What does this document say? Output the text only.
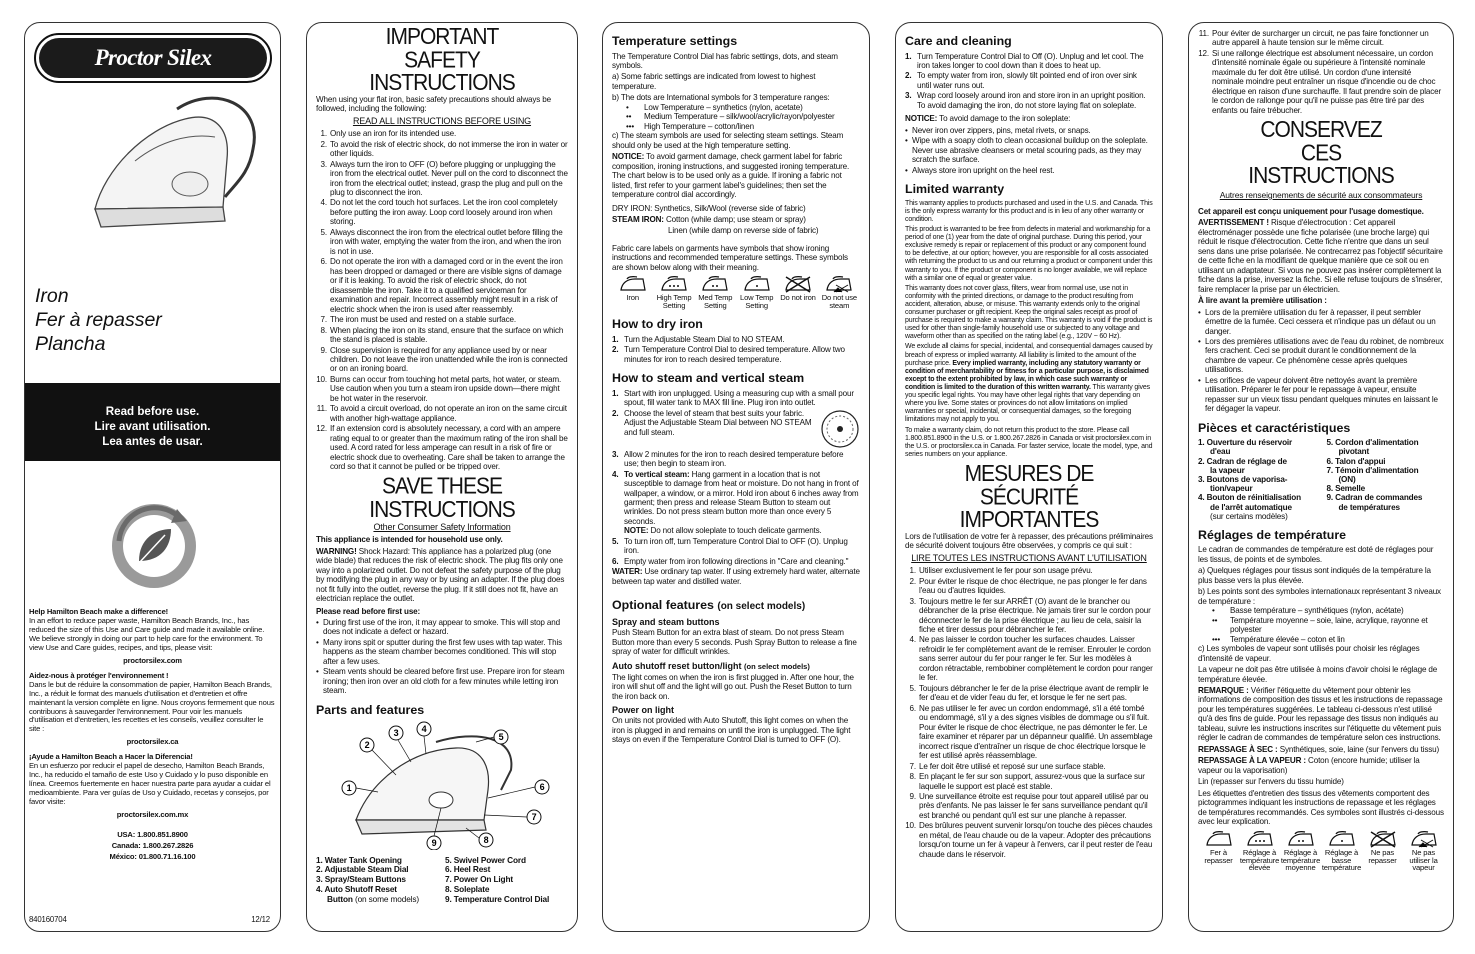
Proctor Silex
Iron
Fer à repasser
Plancha
Read before use.
Lire avant utilisation.
Lea antes de usar.
Help Hamilton Beach make a difference!
In an effort to reduce paper waste, Hamilton Beach Brands, Inc., has reduced the size of this Use and Care guide and made it available online. We believe strongly in doing our part to help care for the environment. To view Use and Care guides, recipes, and tips, please visit:
proctorsilex.com
Aidez-nous à protéger l'environnement !
Dans le but de réduire la consommation de papier, Hamilton Beach Brands, Inc., a réduit le format des manuels d'utilisation et d'entretien et offre maintenant la version complète en ligne. Nous croyons fermement que nous contribuons à sauvegarder l'environnement. Pour voir les manuels d'utilisation et d'entretien, les recettes et les conseils, veuillez consulter le site :
proctorsilex.ca
¡Ayude a Hamilton Beach a Hacer la Diferencia!
En un esfuerzo por reducir el papel de desecho, Hamilton Beach Brands, Inc., ha reducido el tamaño de este Uso y Cuidado y lo puso disponible en línea. Creemos fuertemente en hacer nuestra parte para ayudar a cuidar el medioambiente. Para ver guías de Uso y Cuidado, recetas y consejos, por favor visite:
proctorsilex.com.mx
USA: 1.800.851.8900
Canada: 1.800.267.2826
México: 01.800.71.16.100
840160704	12/12
IMPORTANT SAFETY INSTRUCTIONS

When using your flat iron, basic safety precautions should always be followed, including the following:

READ ALL INSTRUCTIONS BEFORE USING
1. Only use an iron for its intended use.
2. To avoid the risk of electric shock, do not immerse the iron in water or other liquids.
3. Always turn the iron to OFF (O) before plugging or unplugging the iron from the electrical outlet. Never pull on the cord to disconnect the iron from the electrical outlet; instead, grasp the plug and pull on the plug to disconnect the iron.
4. Do not let the cord touch hot surfaces. Let the iron cool completely before putting the iron away. Loop cord loosely around iron when storing.
5. Always disconnect the iron from the electrical outlet before filling the iron with water, emptying the water from the iron, and when the iron is not in use.
6. Do not operate the iron with a damaged cord or in the event the iron has been dropped or damaged or there are visible signs of damage or if it is leaking. To avoid the risk of electric shock, do not disassemble the iron. Take it to a qualified serviceman for examination and repair. Incorrect assembly might result in a risk of electric shock when the iron is used after reassembly.
7. The iron must be used and rested on a stable surface.
8. When placing the iron on its stand, ensure that the surface on which the stand is placed is stable.
9. Close supervision is required for any appliance used by or near children. Do not leave the iron unattended while the iron is connected or on an ironing board.
10. Burns can occur from touching hot metal parts, hot water, or steam. Use caution when you turn a steam iron upside down—there might be hot water in the reservoir.
11. To avoid a circuit overload, do not operate an iron on the same circuit with another high-wattage appliance.
12. If an extension cord is absolutely necessary, a cord with an ampere rating equal to or greater than the maximum rating of the iron shall be used. A cord rated for less amperage can result in a risk of fire or electric shock due to overheating. Care shall be taken to arrange the cord so that it cannot be pulled or be tripped over.
SAVE THESE INSTRUCTIONS
Other Consumer Safety Information

This appliance is intended for household use only.

WARNING! Shock Hazard: This appliance has a polarized plug (one wide blade) that reduces the risk of electric shock. The plug fits only one way into a polarized outlet. Do not defeat the safety purpose of the plug by modifying the plug in any way or by using an adapter. If the plug does not fit fully into the outlet, reverse the plug. If it still does not fit, have an electrician replace the outlet.

Please read before first use:

• During first use of the iron, it may appear to smoke. This will stop and does not indicate a defect or hazard.
• Many irons spit or sputter during the first few uses with tap water. This happens as the steam chamber becomes conditioned. This will stop after a few uses.
• Steam vents should be cleared before first use. Prepare iron for steam ironing; then iron over an old cloth for a few minutes while letting iron steam.
Parts and features
1
2
3	4
5
6
7
8
9
1. Water Tank Opening
2. Adjustable Steam Dial
3. Spray/Steam Buttons
4. Auto Shutoff Reset
Button (on some models)
5. Swivel Power Cord
6. Heel Rest
7. Power On Light
8. Soleplate
9. Temperature Control Dial
Temperature settings

The Temperature Control Dial has fabric settings, dots, and steam symbols.

a) Some fabric settings are indicated from lowest to highest temperature.

b) The dots are International symbols for 3 temperature ranges:

•	Low Temperature – synthetics (nylon, acetate)
••	Medium Temperature – silk/wool/acrylic/rayon/polyester
•••	High Temperature – cotton/linen

c) The steam symbols are used for selecting steam settings. Steam should only be used at the high temperature setting.

NOTICE: To avoid garment damage, check garment label for fabric composition, ironing instructions, and suggested ironing temperature. The chart below is to be used only as a guide. If ironing a fabric not listed, first refer to your garment label's guidelines; then set the temperature control dial accordingly.

DRY IRON: Synthetics, Silk/Wool (reverse side of fabric)

STEAM IRON: Cotton (while damp; use steam or spray)

Linen (while damp on reverse side of fabric)

Fabric care labels on garments have symbols that show ironing instructions and recommended temperature settings. These symbols are shown below along with their meaning.

Iron	High Temp Setting
Med Temp Setting
Low Temp Setting
Do not iron Do not use steam
How to dry iron
1. Turn the Adjustable Steam Dial to NO STEAM.
2. Turn Temperature Control Dial to desired temperature. Allow two minutes for iron to reach desired temperature.
How to steam and vertical steam
1. Start with iron unplugged. Using a measuring cup with a small pour spout, fill water tank to MAX fill line. Plug iron into outlet.
2. Choose the level of steam that best suits your fabric. Adjust the Adjustable Steam Dial between NO STEAM and full steam.
3. Allow 2 minutes for the iron to reach desired temperature before use; then begin to steam iron.
4. To vertical steam: Hang garment in a location that is not susceptible to damage from heat or moisture. Do not hang in front of wallpaper, a window, or a mirror. Hold iron about 6 inches away from garment; then press and release Steam Button to steam out wrinkles. Do not press steam button more than once every 5 seconds.
NOTE: Do not allow soleplate to touch delicate garments.
5. To turn iron off, turn Temperature Control Dial to OFF (O). Unplug iron.
6. Empty water from iron following directions in "Care and cleaning."

WATER: Use ordinary tap water. If using extremely hard water, alternate between tap water and distilled water.

Optional features (on select models)
Spray and steam buttons

Push Steam Button for an extra blast of steam. Do not press Steam Button more than every 5 seconds. Push Spray Button to release a fine spray of water for difficult wrinkles.

Auto shutoff reset button/light (on select models)

The light comes on when the iron is first plugged in. After one hour, the iron will shut off and the light will go out. Push the Reset Button to turn the iron back on.

Power on light

On units not provided with Auto Shutoff, this light comes on when the iron is plugged in and remains on until the iron is unplugged. The light stays on even if the Temperature Control Dial is turned to OFF (O).

Care and cleaning
1. Turn Temperature Control Dial to Off (O). Unplug and let cool. The iron takes longer to cool down than it does to heat up.
2. To empty water from iron, slowly tilt pointed end of iron over sink until water runs out.
3. Wrap cord loosely around iron and store iron in an upright position. To avoid damaging the iron, do not store laying flat on soleplate.

NOTICE: To avoid damage to the iron soleplate:

• Never iron over zippers, pins, metal rivets, or snaps.
• Wipe with a soapy cloth to clean occasional buildup on the soleplate. Never use abrasive cleansers or metal scouring pads, as they may scratch the surface.
• Always store iron upright on the heel rest.
Limited warranty

This warranty applies to products purchased and used in the U.S. and Canada. This is the only express warranty for this product and is in lieu of any other warranty or condition.

This product is warranted to be free from defects in material and workmanship for a period of one (1) year from the date of original purchase. During this period, your exclusive remedy is repair or replacement of this product or any component found to be defective, at our option; however, you are responsible for all costs associated with returning the product to us and our returning a product or component under this warranty to you. If the product or component is no longer available, we will replace with a similar one of equal or greater value.

This warranty does not cover glass, filters, wear from normal use, use not in conformity with the printed directions, or damage to the product resulting from accident, alteration, abuse, or misuse. This warranty extends only to the original consumer purchaser or gift recipient. Keep the original sales receipt as proof of purchase is required to make a warranty claim. This warranty is void if the product is used for other than single-family household use or subjected to any voltage and waveform other than as specified on the rating label (e.g., 120V ~ 60 Hz).

We exclude all claims for special, incidental, and consequential damages caused by breach of express or implied warranty. All liability is limited to the amount of the purchase price. Every implied warranty, including any statutory warranty or condition of merchantability or fitness for a particular purpose, is disclaimed except to the extent prohibited by law, in which case such warranty or condition is limited to the duration of this written warranty. This warranty gives you specific legal rights. You may have other legal rights that vary depending on where you live. Some states or provinces do not allow limitations on implied warranties or special, incidental, or consequential damages, so the foregoing limitations may not apply to you.

To make a warranty claim, do not return this product to the store. Please call 1.800.851.8900 in the U.S. or 1.800.267.2826 in Canada or visit proctorsilex.com in the U.S. or proctorsilex.ca in Canada. For faster service, locate the model, type, and series numbers on your appliance.

MESURES DE SÉCURITÉ IMPORTANTES

Lors de l'utilisation de votre fer à repasser, des précautions préliminaires de sécurité doivent toujours être observées, y compris ce qui suit :

LIRE TOUTES LES INSTRUCTIONS AVANT L'UTILISATION
1. Utiliser exclusivement le fer pour son usage prévu.
2. Pour éviter le risque de choc électrique, ne pas plonger le fer dans l'eau ou d'autres liquides.
3. Toujours mettre le fer sur ARRÊT (O) avant de le brancher ou débrancher de la prise électrique. Ne jamais tirer sur le cordon pour déconnecter le fer de la prise électrique ; au lieu de cela, saisir la fiche et tirer dessus pour débrancher le fer.
4. Ne pas laisser le cordon toucher les surfaces chaudes. Laisser refroidir le fer complètement avant de le remiser. Enrouler le cordon sans serrer autour du fer pour ranger le fer. Sur les modèles à cordon rétractable, rembobiner complètement le cordon pour ranger le fer.
5. Toujours débrancher le fer de la prise électrique avant de remplir le fer d'eau et de vider l'eau du fer, et lorsque le fer ne sert pas.
6. Ne pas utiliser le fer avec un cordon endommagé, s'il a été tombé ou endommagé, s'il y a des signes visibles de dommage ou s'il fuit. Pour éviter le risque de choc électrique, ne pas démonter le fer. Le faire examiner et réparer par un dépanneur qualifié. Un assemblage incorrect risque d'entraîner un risque de choc électrique lorsque le fer est utilisé après réassemblage.
7. Le fer doit être utilisé et reposé sur une surface stable.
8. En plaçant le fer sur son support, assurez-vous que la surface sur laquelle le support est placé est stable.
9. Une surveillance étroite est requise pour tout appareil utilisé par ou près d'enfants. Ne pas laisser le fer sans surveillance pendant qu'il est branché ou pendant qu'il est sur une planche à repasser.
10. Des brûlures peuvent survenir lorsqu'on touche des pièces chaudes en métal, de l'eau chaude ou de la vapeur. Adopter des précautions lorsqu'on tourne un fer à vapeur à l'envers, car il peut rester de l'eau chaude dans le réservoir.
11. Pour éviter de surcharger un circuit, ne pas faire fonctionner un autre appareil à haute tension sur le même circuit.
12. Si une rallonge électrique est absolument nécessaire, un cordon d'intensité nominale égale ou supérieure à l'intensité nominale maximale du fer doit être utilisé. Un cordon d'une intensité nominale moindre peut entraîner un risque d'incendie ou de choc électrique en raison d'une surchauffe. Il faut prendre soin de placer le cordon de rallonge pour qu'il ne puisse pas être tiré par des enfants ou faire trébucher.
CONSERVEZ CES INSTRUCTIONS
Autres renseignements de sécurité aux consommateurs

Cet appareil est conçu uniquement pour l'usage domestique.

AVERTISSEMENT ! Risque d'électrocution : Cet appareil électroménager possède une fiche polarisée (une broche large) qui réduit le risque d'électrocution. Cette fiche n'entre que dans un seul sens dans une prise polarisée. Ne contrecarrez pas l'objectif sécuritaire de cette fiche en la modifiant de quelque manière que ce soit ou en utilisant un adaptateur. Si vous ne pouvez pas insérer complètement la fiche dans la prise, inversez la fiche. Si elle refuse toujours de s'insérer, faire remplacer la prise par un électricien.

À lire avant la première utilisation :

• Lors de la première utilisation du fer à repasser, il peut sembler émettre de la fumée. Ceci cessera et n'indique pas un défaut ou un danger.
• Lors des premières utilisations avec de l'eau du robinet, de nombreux fers crachent. Ceci se produit durant le conditionnement de la chambre de vapeur. Ce phénomène cesse après quelques utilisations.
• Les orifices de vapeur doivent être nettoyés avant la première utilisation. Préparer le fer pour le repassage à vapeur, ensuite repasser sur un vieux tissu pendant quelques minutes en laissant le fer dégager la vapeur.
Pièces et caractéristiques
1. Ouverture du réservoir
d'eau
2. Cadran de réglage de
la vapeur
3. Boutons de vaporisa-
tion/vapeur
4. Bouton de réinitialisation
de l'arrêt automatique
(sur certains modèles)
5. Cordon d'alimentation
pivotant
6. Talon d'appui
7. Témoin d'alimentation
(ON)
8. Semelle
9. Cadran de commandes
de températures
Réglages de température

Le cadran de commandes de température est doté de réglages pour les tissus, de points et de symboles.

a) Quelques réglages pour tissus sont indiqués de la température la plus basse vers la plus élevée.

b) Les points sont des symboles internationaux représentant 3 niveaux de température :

•	Basse température – synthétiques (nylon, acétate)
••	Température moyenne – soie, laine, acrylique, rayonne et polyester
•••	Température élevée – coton et lin

c) Les symboles de vapeur sont utilisés pour choisir les réglages d'intensité de vapeur.

La vapeur ne doit pas être utilisée à moins d'avoir choisi le réglage de température élevée.

REMARQUE : Vérifier l'étiquette du vêtement pour obtenir les informations de composition des tissus et les instructions de repassage pour les températures suggérées. Le tableau ci-dessous n'est utilisé qu'à des fins de guide. Pour les repassage des tissus non indiqués au tableau, suivre les instructions inscrites sur l'étiquette du vêtement puis régler le cadran de commandes de température selon ces instructions.

REPASSAGE À SEC : Synthétiques, soie, laine (sur l'envers du tissu)

REPASSAGE À LA VAPEUR : Coton (encore humide; utiliser la vapeur ou la vaporisation)

Lin (repasser sur l'envers du tissu humide)

Les étiquettes d'entretien des tissus des vêtements comportent des pictogrammes indiquant les instructions de repassage et les réglages de températures recommandés. Ces symboles sont illustrés ci-dessous avec leur explication.

Fer à repasser
Réglage à température élevée
Réglage à température moyenne
Réglage à basse température
Ne pas repasser
Ne pas utiliser la vapeur
